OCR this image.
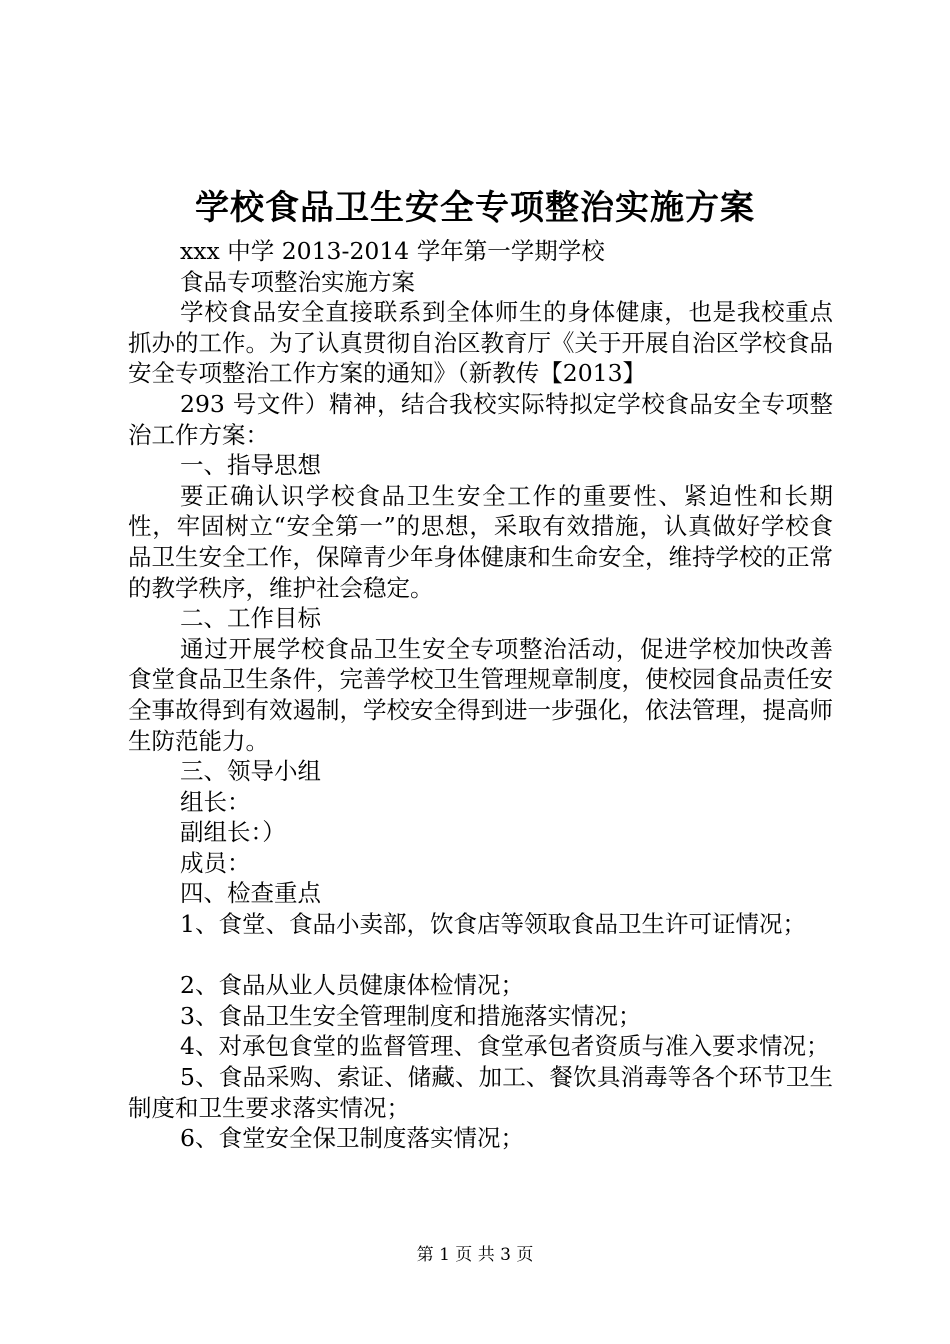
学校食品卫生安全专项整治实施方案

xxx 中学 2013-2014 学年第一学期学校

食品专项整治实施方案

学校食品安全直接联系到全体师生的身体健康，也是我校重点抓办的工作。为了认真贯彻自治区教育厅《关于开展自治区学校食品安全专项整治工作方案的通知》（新教传【2013】

293 号文件）精神，结合我校实际特拟定学校食品安全专项整治工作方案：

一、指导思想

要正确认识学校食品卫生安全工作的重要性、紧迫性和长期性，牢固树立“安全第一”的思想，采取有效措施，认真做好学校食品卫生安全工作，保障青少年身体健康和生命安全，维持学校的正常的教学秩序，维护社会稳定。

二、工作目标

通过开展学校食品卫生安全专项整治活动，促进学校加快改善食堂食品卫生条件，完善学校卫生管理规章制度，使校园食品责任安全事故得到有效遏制，学校安全得到进一步强化，依法管理，提高师生防范能力。

三、领导小组

组长：

副组长：）

成员：

四、检查重点

1、食堂、食品小卖部，饮食店等领取食品卫生许可证情况；

2、食品从业人员健康体检情况；

3、食品卫生安全管理制度和措施落实情况；

4、对承包食堂的监督管理、食堂承包者资质与准入要求情况；

5、食品采购、索证、储藏、加工、餐饮具消毒等各个环节卫生制度和卫生要求落实情况；

6、食堂安全保卫制度落实情况；

第 1 页 共 3 页
